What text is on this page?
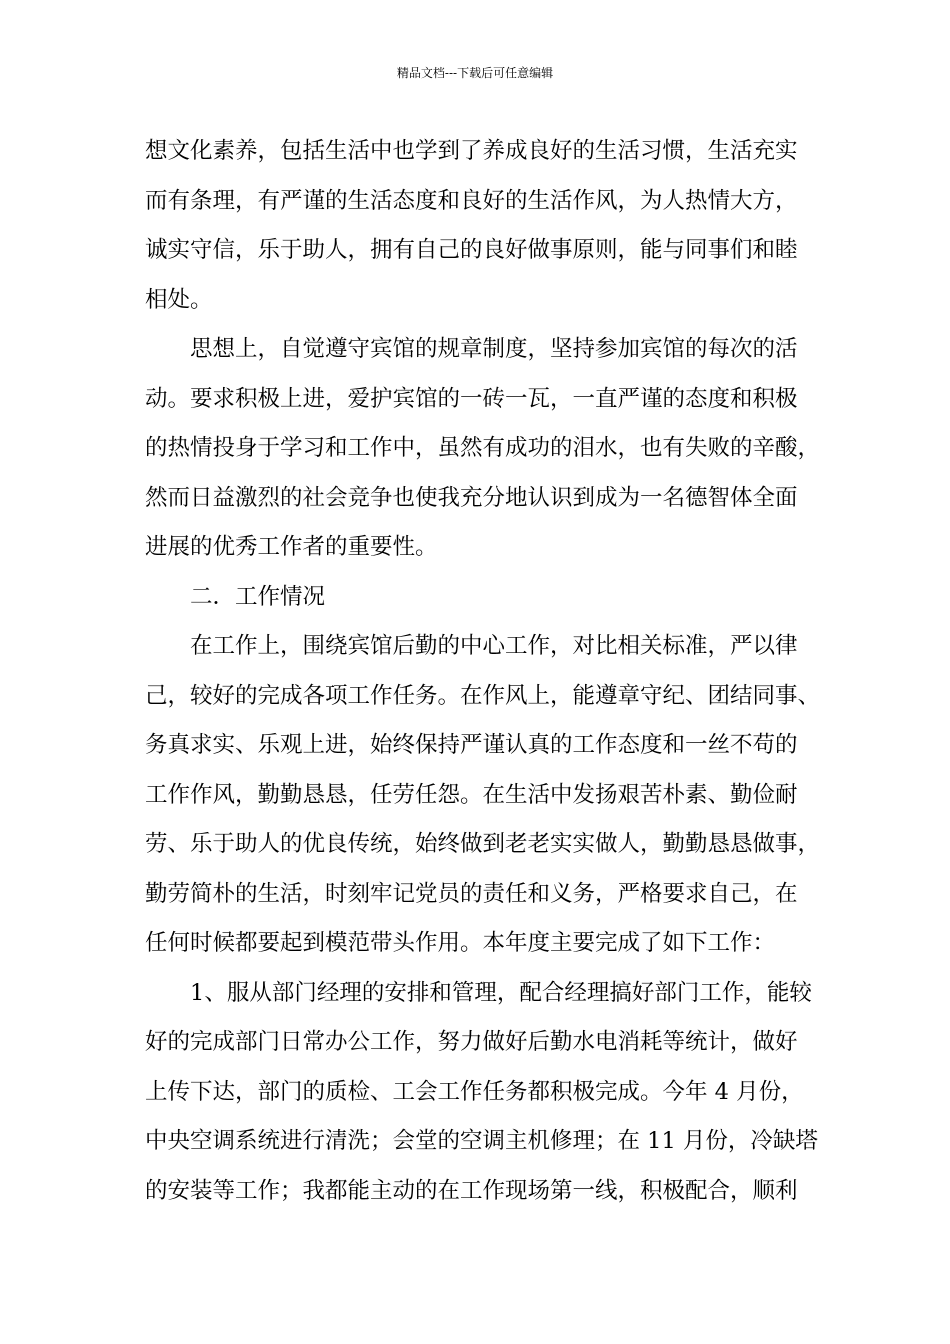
精品文档---下载后可任意编辑
想文化素养，包括生活中也学到了养成良好的生活习惯，生活充实
而有条理，有严谨的生活态度和良好的生活作风，为人热情大方，
诚实守信，乐于助人，拥有自己的良好做事原则，能与同事们和睦
相处。
思想上，自觉遵守宾馆的规章制度，坚持参加宾馆的每次的活
动。要求积极上进，爱护宾馆的一砖一瓦，一直严谨的态度和积极
的热情投身于学习和工作中，虽然有成功的泪水，也有失败的辛酸，
然而日益激烈的社会竞争也使我充分地认识到成为一名德智体全面
进展的优秀工作者的重要性。
二．工作情况
在工作上，围绕宾馆后勤的中心工作，对比相关标准，严以律
己，较好的完成各项工作任务。在作风上，能遵章守纪、团结同事、
务真求实、乐观上进，始终保持严谨认真的工作态度和一丝不苟的
工作作风，勤勤恳恳，任劳任怨。在生活中发扬艰苦朴素、勤俭耐
劳、乐于助人的优良传统，始终做到老老实实做人，勤勤恳恳做事，
勤劳简朴的生活，时刻牢记党员的责任和义务，严格要求自己，在
任何时候都要起到模范带头作用。本年度主要完成了如下工作：
1、服从部门经理的安排和管理，配合经理搞好部门工作，能较
好的完成部门日常办公工作，努力做好后勤水电消耗等统计，做好
上传下达，部门的质检、工会工作任务都积极完成。今年 4 月份，
中央空调系统进行清洗；会堂的空调主机修理；在 11 月份，冷缺塔
的安装等工作；我都能主动的在工作现场第一线，积极配合，顺利
